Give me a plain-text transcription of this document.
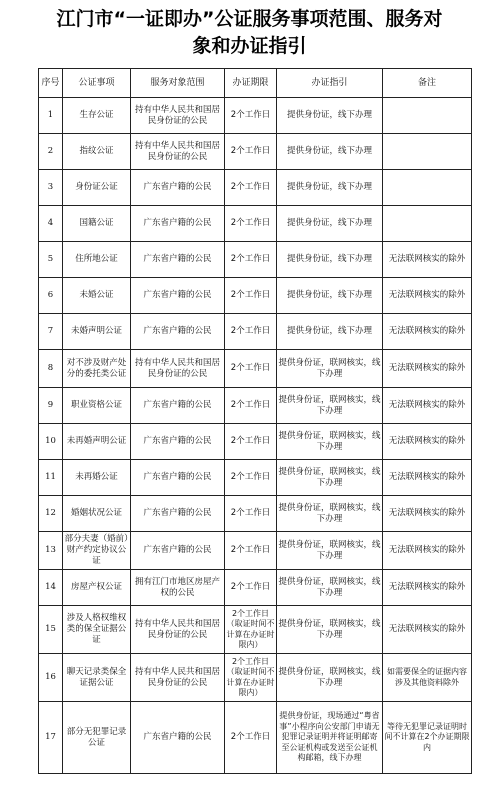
江门市“一证即办”公证服务事项范围、服务对
象和办证指引
序号	公证事项	服务对象范围	办证期限	办证指引	备注
1	生存公证	持有中华人民共和国居民身份证的公民	2个工作日	提供身份证，线下办理	
2	指纹公证	持有中华人民共和国居民身份证的公民	2个工作日	提供身份证，线下办理	
3	身份证公证	广东省户籍的公民	2个工作日	提供身份证，线下办理	
4	国籍公证	广东省户籍的公民	2个工作日	提供身份证，线下办理	
5	住所地公证	广东省户籍的公民	2个工作日	提供身份证，线下办理	无法联网核实的除外
6	未婚公证	广东省户籍的公民	2个工作日	提供身份证，线下办理	无法联网核实的除外
7	未婚声明公证	广东省户籍的公民	2个工作日	提供身份证，线下办理	无法联网核实的除外
8	对不涉及财产处分的委托类公证	持有中华人民共和国居民身份证的公民	2个工作日	提供身份证，联网核实，线下办理	无法联网核实的除外
9	职业资格公证	广东省户籍的公民	2个工作日	提供身份证，联网核实，线下办理	无法联网核实的除外
10	未再婚声明公证	广东省户籍的公民	2个工作日	提供身份证，联网核实，线下办理	无法联网核实的除外
11	未再婚公证	广东省户籍的公民	2个工作日	提供身份证，联网核实，线下办理	无法联网核实的除外
12	婚姻状况公证	广东省户籍的公民	2个工作日	提供身份证，联网核实，线下办理	无法联网核实的除外
13	部分夫妻（婚前）财产约定协议公证	广东省户籍的公民	2个工作日	提供身份证，联网核实，线下办理	无法联网核实的除外
14	房屋产权公证	拥有江门市地区房屋产权的公民	2个工作日	提供身份证，联网核实，线下办理	无法联网核实的除外
15	涉及人格权维权类的保全证据公证	持有中华人民共和国居民身份证的公民	2个工作日（取证时间不计算在办证时限内）	提供身份证，联网核实，线下办理	无法联网核实的除外
16	聊天记录类保全证据公证	持有中华人民共和国居民身份证的公民	2个工作日（取证时间不计算在办证时限内）	提供身份证，联网核实，线下办理	如需要保全的证据内容涉及其他资料除外
17	部分无犯罪记录公证	广东省户籍的公民	2个工作日	提供身份证，现场通过“粤省事”小程序向公安部门申请无犯罪记录证明并将证明邮寄至公证机构或发送至公证机构邮箱，线下办理	等待无犯罪记录证明时间不计算在2个办证期限内
